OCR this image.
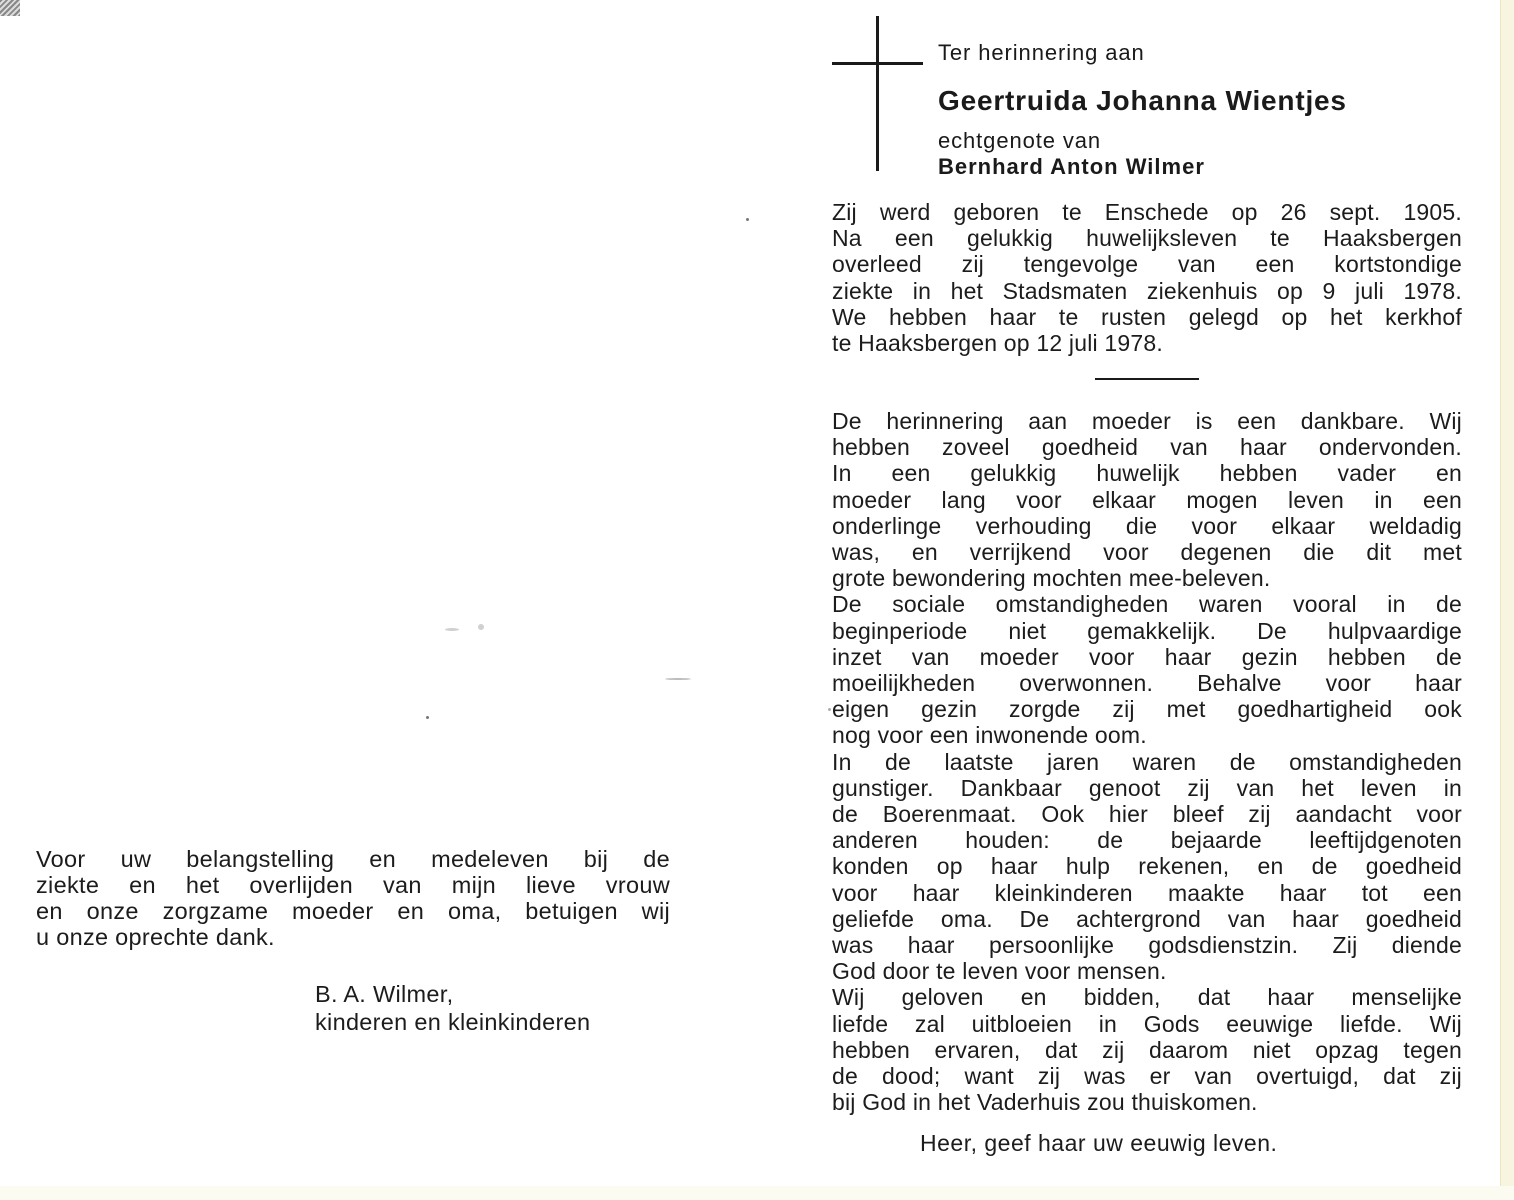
Voor uw belangstelling en medeleven bij de
ziekte en het overlijden van mijn lieve vrouw
en onze zorgzame moeder en oma, betuigen wij
u onze oprechte dank.
B. A. Wilmer,
kinderen en kleinkinderen
Ter herinnering aan
Geertruida Johanna Wientjes
echtgenote van
Bernhard Anton Wilmer
Zij werd geboren te Enschede op 26 sept. 1905.
Na een gelukkig huwelijksleven te Haaksbergen
overleed zij tengevolge van een kortstondige
ziekte in het Stadsmaten ziekenhuis op 9 juli 1978.
We hebben haar te rusten gelegd op het kerkhof
te Haaksbergen op 12 juli 1978.
De herinnering aan moeder is een dankbare. Wij
hebben zoveel goedheid van haar ondervonden.
In een gelukkig huwelijk hebben vader en
moeder lang voor elkaar mogen leven in een
onderlinge verhouding die voor elkaar weldadig
was, en verrijkend voor degenen die dit met
grote bewondering mochten mee-beleven.
De sociale omstandigheden waren vooral in de
beginperiode niet gemakkelijk. De hulpvaardige
inzet van moeder voor haar gezin hebben de
moeilijkheden overwonnen. Behalve voor haar
eigen gezin zorgde zij met goedhartigheid ook
nog voor een inwonende oom.
In de laatste jaren waren de omstandigheden
gunstiger. Dankbaar genoot zij van het leven in
de Boerenmaat. Ook hier bleef zij aandacht voor
anderen houden: de bejaarde leeftijdgenoten
konden op haar hulp rekenen, en de goedheid
voor haar kleinkinderen maakte haar tot een
geliefde oma. De achtergrond van haar goedheid
was haar persoonlijke godsdienstzin. Zij diende
God door te leven voor mensen.
Wij geloven en bidden, dat haar menselijke
liefde zal uitbloeien in Gods eeuwige liefde. Wij
hebben ervaren, dat zij daarom niet opzag tegen
de dood; want zij was er van overtuigd, dat zij
bij God in het Vaderhuis zou thuiskomen.
Heer, geef haar uw eeuwig leven.
